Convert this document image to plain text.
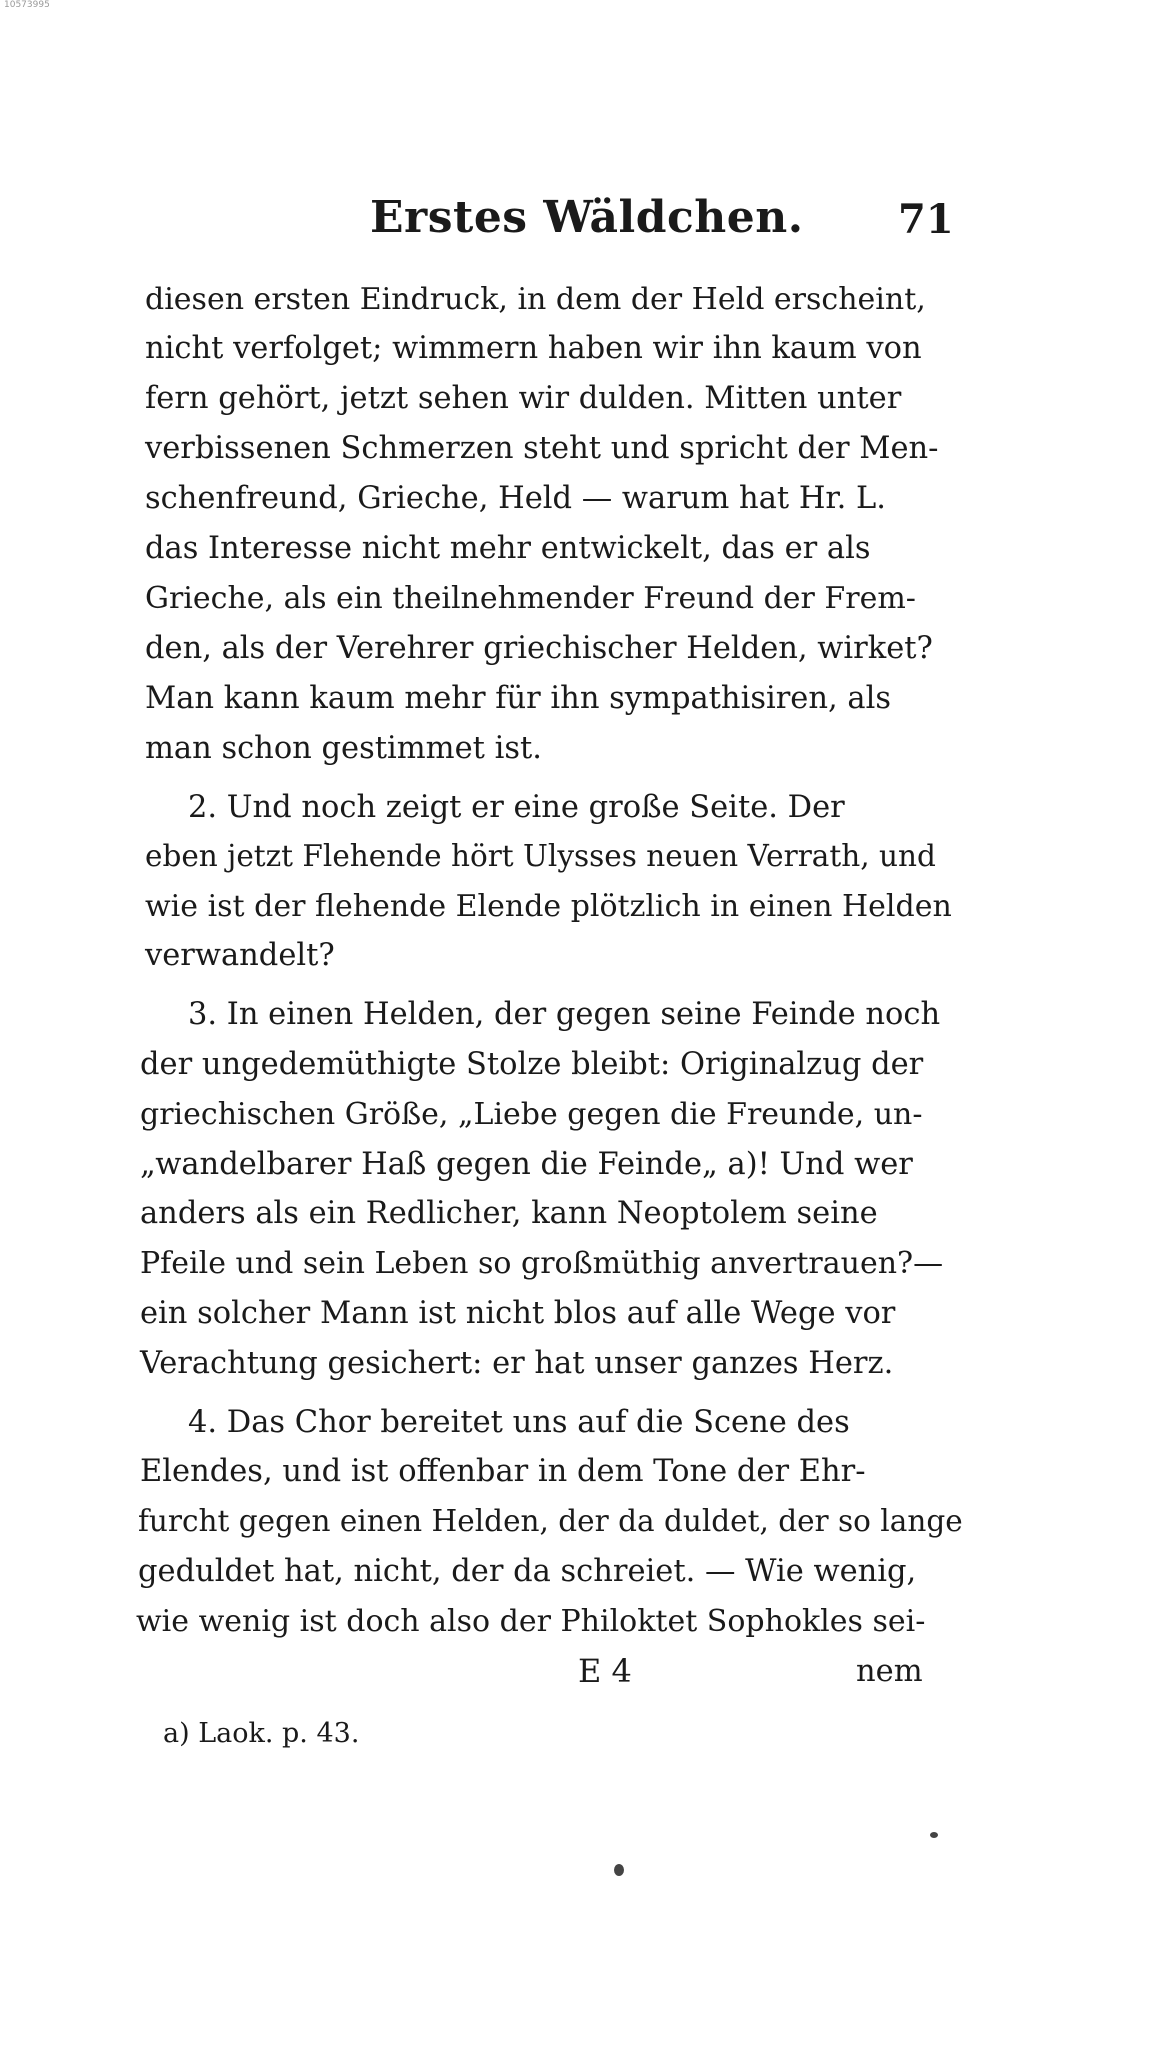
10573995
Erstes Wäldchen. 71
diesen ersten Eindruck, in dem der Held erscheint,
nicht verfolget; wimmern haben wir ihn kaum von
fern gehört, jetzt sehen wir dulden. Mitten unter
verbissenen Schmerzen steht und spricht der Men-
schenfreund, Grieche, Held — warum hat Hr. L.
das Interesse nicht mehr entwickelt, das er als
Grieche, als ein theilnehmender Freund der Frem-
den, als der Verehrer griechischer Helden, wirket?
Man kann kaum mehr für ihn sympathisiren, als
man schon gestimmet ist.
2. Und noch zeigt er eine große Seite. Der
eben jetzt Flehende hört Ulysses neuen Verrath, und
wie ist der flehende Elende plötzlich in einen Helden
verwandelt?
3. In einen Helden, der gegen seine Feinde noch
der ungedemüthigte Stolze bleibt: Originalzug der
griechischen Größe, „Liebe gegen die Freunde, un-
„wandelbarer Haß gegen die Feinde„ a)! Und wer
anders als ein Redlicher, kann Neoptolem seine
Pfeile und sein Leben so großmüthig anvertrauen?—
ein solcher Mann ist nicht blos auf alle Wege vor
Verachtung gesichert: er hat unser ganzes Herz.
4. Das Chor bereitet uns auf die Scene des
Elendes, und ist offenbar in dem Tone der Ehr-
furcht gegen einen Helden, der da duldet, der so lange
geduldet hat, nicht, der da schreiet. — Wie wenig,
wie wenig ist doch also der Philoktet Sophokles sei-
E 4	nem
a) Laok. p. 43.
